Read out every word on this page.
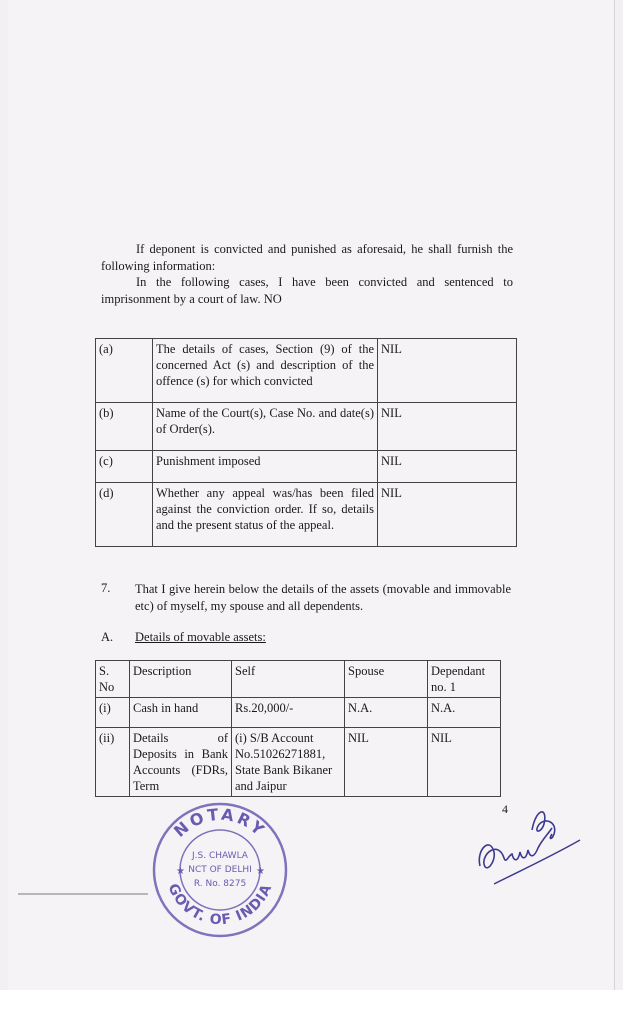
If deponent is convicted and punished as aforesaid, he shall furnish the following information:

In the following cases, I have been convicted and sentenced to imprisonment by a court of law. NO

(a)	The details of cases, Section (9) of the concerned Act (s) and description of the offence (s) for which convicted	NIL
(b)	Name of the Court(s), Case No. and date(s) of Order(s).	NIL
(c)	Punishment imposed	NIL
(d)	Whether any appeal was/has been filed against the conviction order. If so, details and the present status of the appeal.	NIL
7. That I give herein below the details of the assets (movable and immovable etc) of myself, my spouse and all dependents.

A. Details of movable assets:
S. No	Description	Self	Spouse	Dependant no. 1
(i)	Cash in hand	Rs.20,000/-	N.A.	N.A.
(ii)	Details of Deposits in Bank Accounts (FDRs, Term	(i) S/B Account No.51026271881, State Bank Bikaner and Jaipur	NIL	NIL
4
NOTARY
GOVT. OF INDIA
J.S. CHAWLA
NCT OF DELHI
R. No. 8275
★	★
